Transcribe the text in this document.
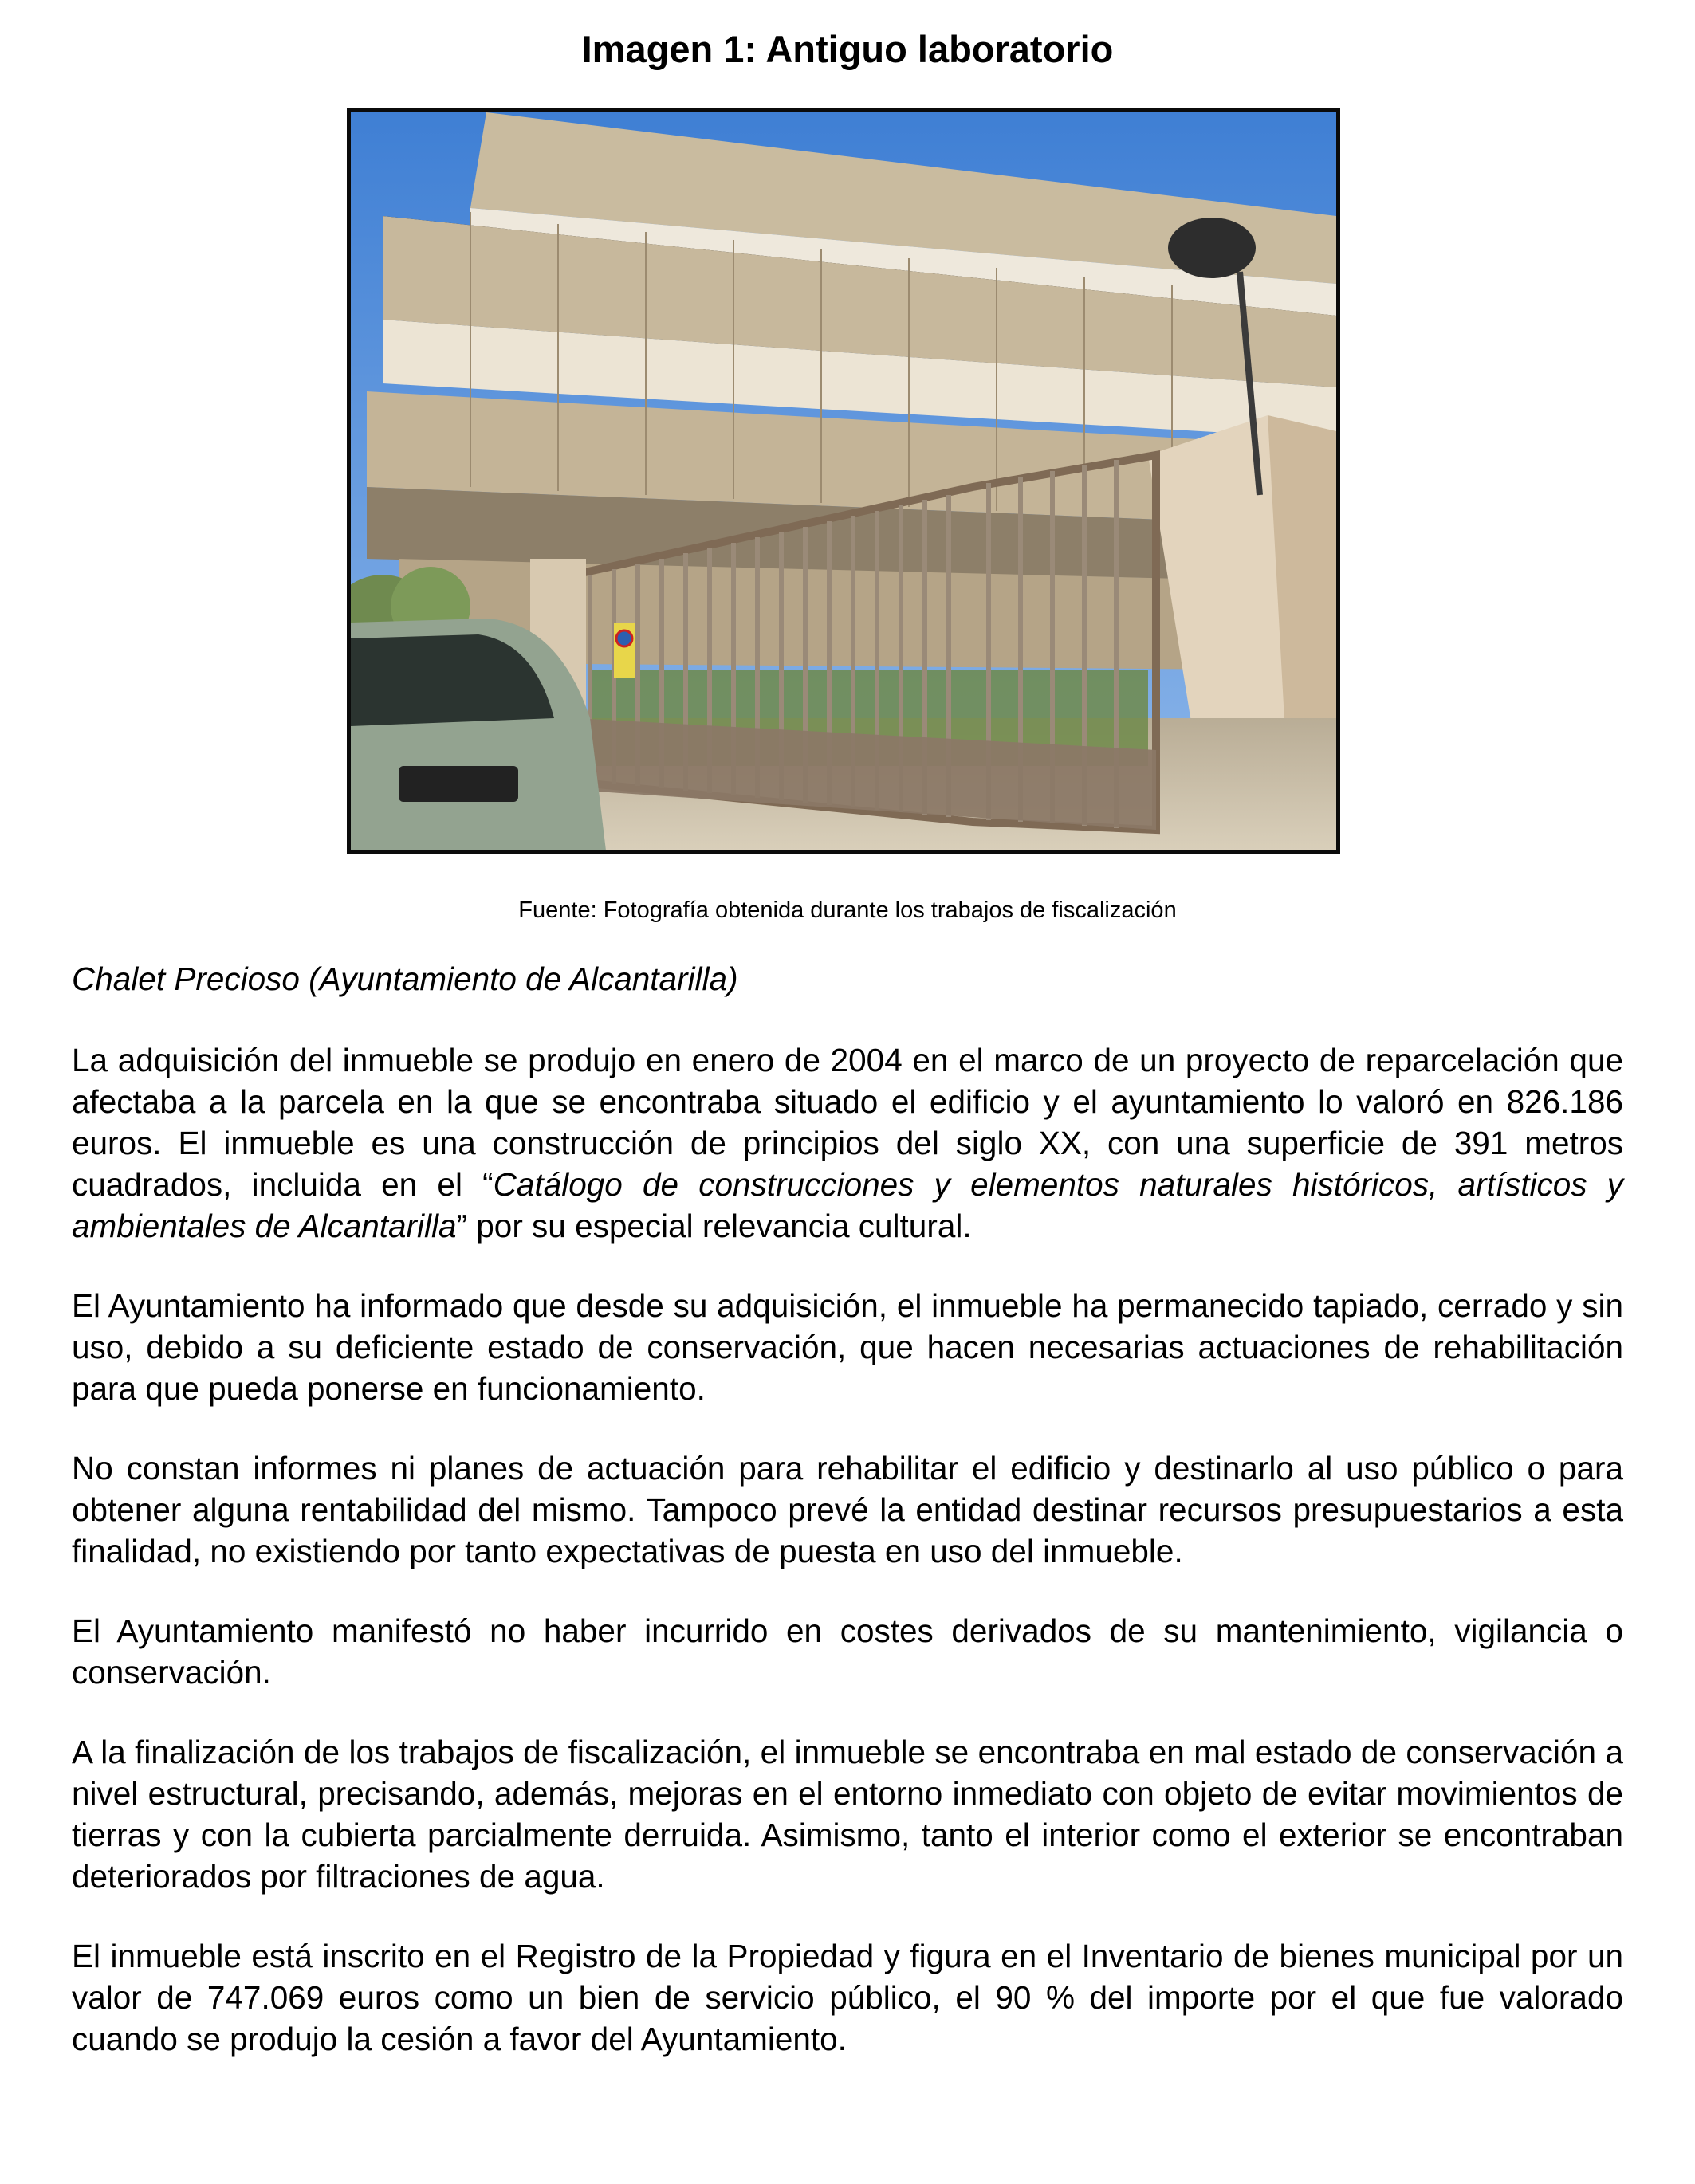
Imagen 1: Antiguo laboratorio
Fuente: Fotografía obtenida durante los trabajos de fiscalización

Chalet Precioso (Ayuntamiento de Alcantarilla)

La adquisición del inmueble se produjo en enero de 2004 en el marco de un proyecto de reparcelación que afectaba a la parcela en la que se encontraba situado el edificio y el ayuntamiento lo valoró en 826.186 euros. El inmueble es una construcción de principios del siglo XX, con una superficie de 391 metros cuadrados, incluida en el “Catálogo de construcciones y elementos naturales históricos, artísticos y ambientales de Alcantarilla” por su especial relevancia cultural.

El Ayuntamiento ha informado que desde su adquisición, el inmueble ha permanecido tapiado, cerrado y sin uso, debido a su deficiente estado de conservación, que hacen necesarias actuaciones de rehabilitación para que pueda ponerse en funcionamiento.

No constan informes ni planes de actuación para rehabilitar el edificio y destinarlo al uso público o para obtener alguna rentabilidad del mismo. Tampoco prevé la entidad destinar recursos presupuestarios a esta finalidad, no existiendo por tanto expectativas de puesta en uso del inmueble.

El Ayuntamiento manifestó no haber incurrido en costes derivados de su mantenimiento, vigilancia o conservación.

A la finalización de los trabajos de fiscalización, el inmueble se encontraba en mal estado de conservación a nivel estructural, precisando, además, mejoras en el entorno inmediato con objeto de evitar movimientos de tierras y con la cubierta parcialmente derruida. Asimismo, tanto el interior como el exterior se encontraban deteriorados por filtraciones de agua.

El inmueble está inscrito en el Registro de la Propiedad y figura en el Inventario de bienes municipal por un valor de 747.069 euros como un bien de servicio público, el 90 % del importe por el que fue valorado cuando se produjo la cesión a favor del Ayuntamiento.
